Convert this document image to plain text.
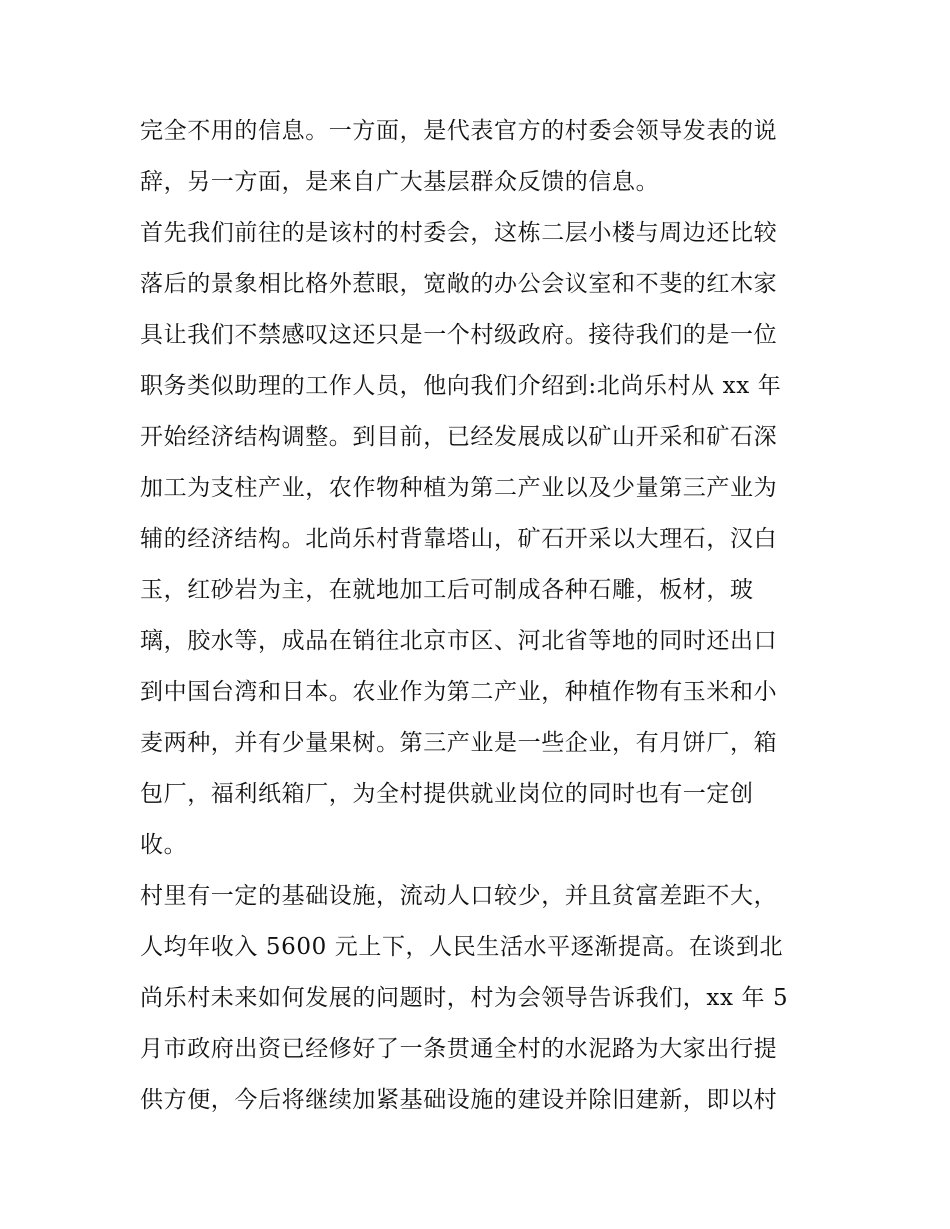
完全不用的信息。一方面，是代表官方的村委会领导发表的说
辞，另一方面，是来自广大基层群众反馈的信息。
首先我们前往的是该村的村委会，这栋二层小楼与周边还比较
落后的景象相比格外惹眼，宽敞的办公会议室和不斐的红木家
具让我们不禁感叹这还只是一个村级政府。接待我们的是一位
职务类似助理的工作人员，他向我们介绍到:北尚乐村从 xx 年
开始经济结构调整。到目前，已经发展成以矿山开采和矿石深
加工为支柱产业，农作物种植为第二产业以及少量第三产业为
辅的经济结构。北尚乐村背靠塔山，矿石开采以大理石，汉白
玉，红砂岩为主，在就地加工后可制成各种石雕，板材，玻
璃，胶水等，成品在销往北京市区、河北省等地的同时还出口
到中国台湾和日本。农业作为第二产业，种植作物有玉米和小
麦两种，并有少量果树。第三产业是一些企业，有月饼厂，箱
包厂，福利纸箱厂，为全村提供就业岗位的同时也有一定创
收。
村里有一定的基础设施，流动人口较少，并且贫富差距不大，
人均年收入 5600 元上下，人民生活水平逐渐提高。在谈到北
尚乐村未来如何发展的问题时，村为会领导告诉我们，xx 年 5
月市政府出资已经修好了一条贯通全村的水泥路为大家出行提
供方便，今后将继续加紧基础设施的建设并除旧建新，即以村
